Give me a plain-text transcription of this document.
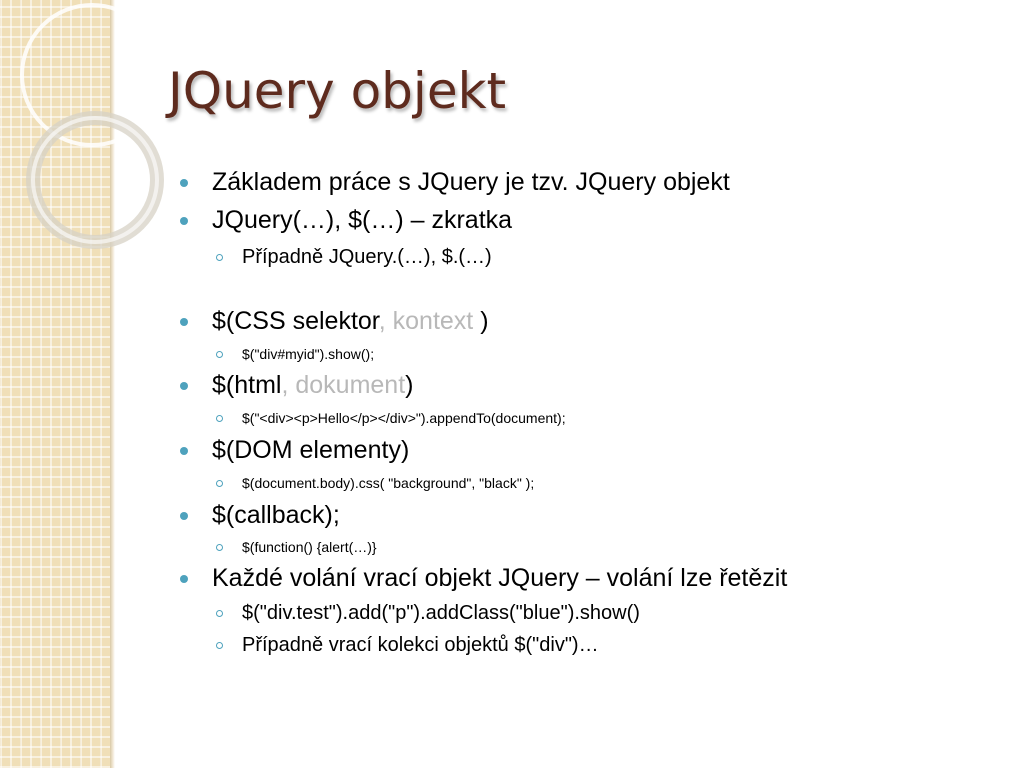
JQuery objekt
Základem práce s JQuery je tzv. JQuery objekt
JQuery(…), $(…) – zkratka
Případně JQuery.(…), $.(…)
$(CSS selektor, kontext )
$("div#myid").show();
$(html, dokument)
$("<div><p>Hello</p></div>").appendTo(document);
$(DOM elementy)
$(document.body).css( "background", "black" );
$(callback);
$(function() {alert(…)}
Každé volání vrací objekt JQuery – volání lze řetězit
$("div.test").add("p").addClass("blue").show()
Případně vrací kolekci objektů $("div")…
